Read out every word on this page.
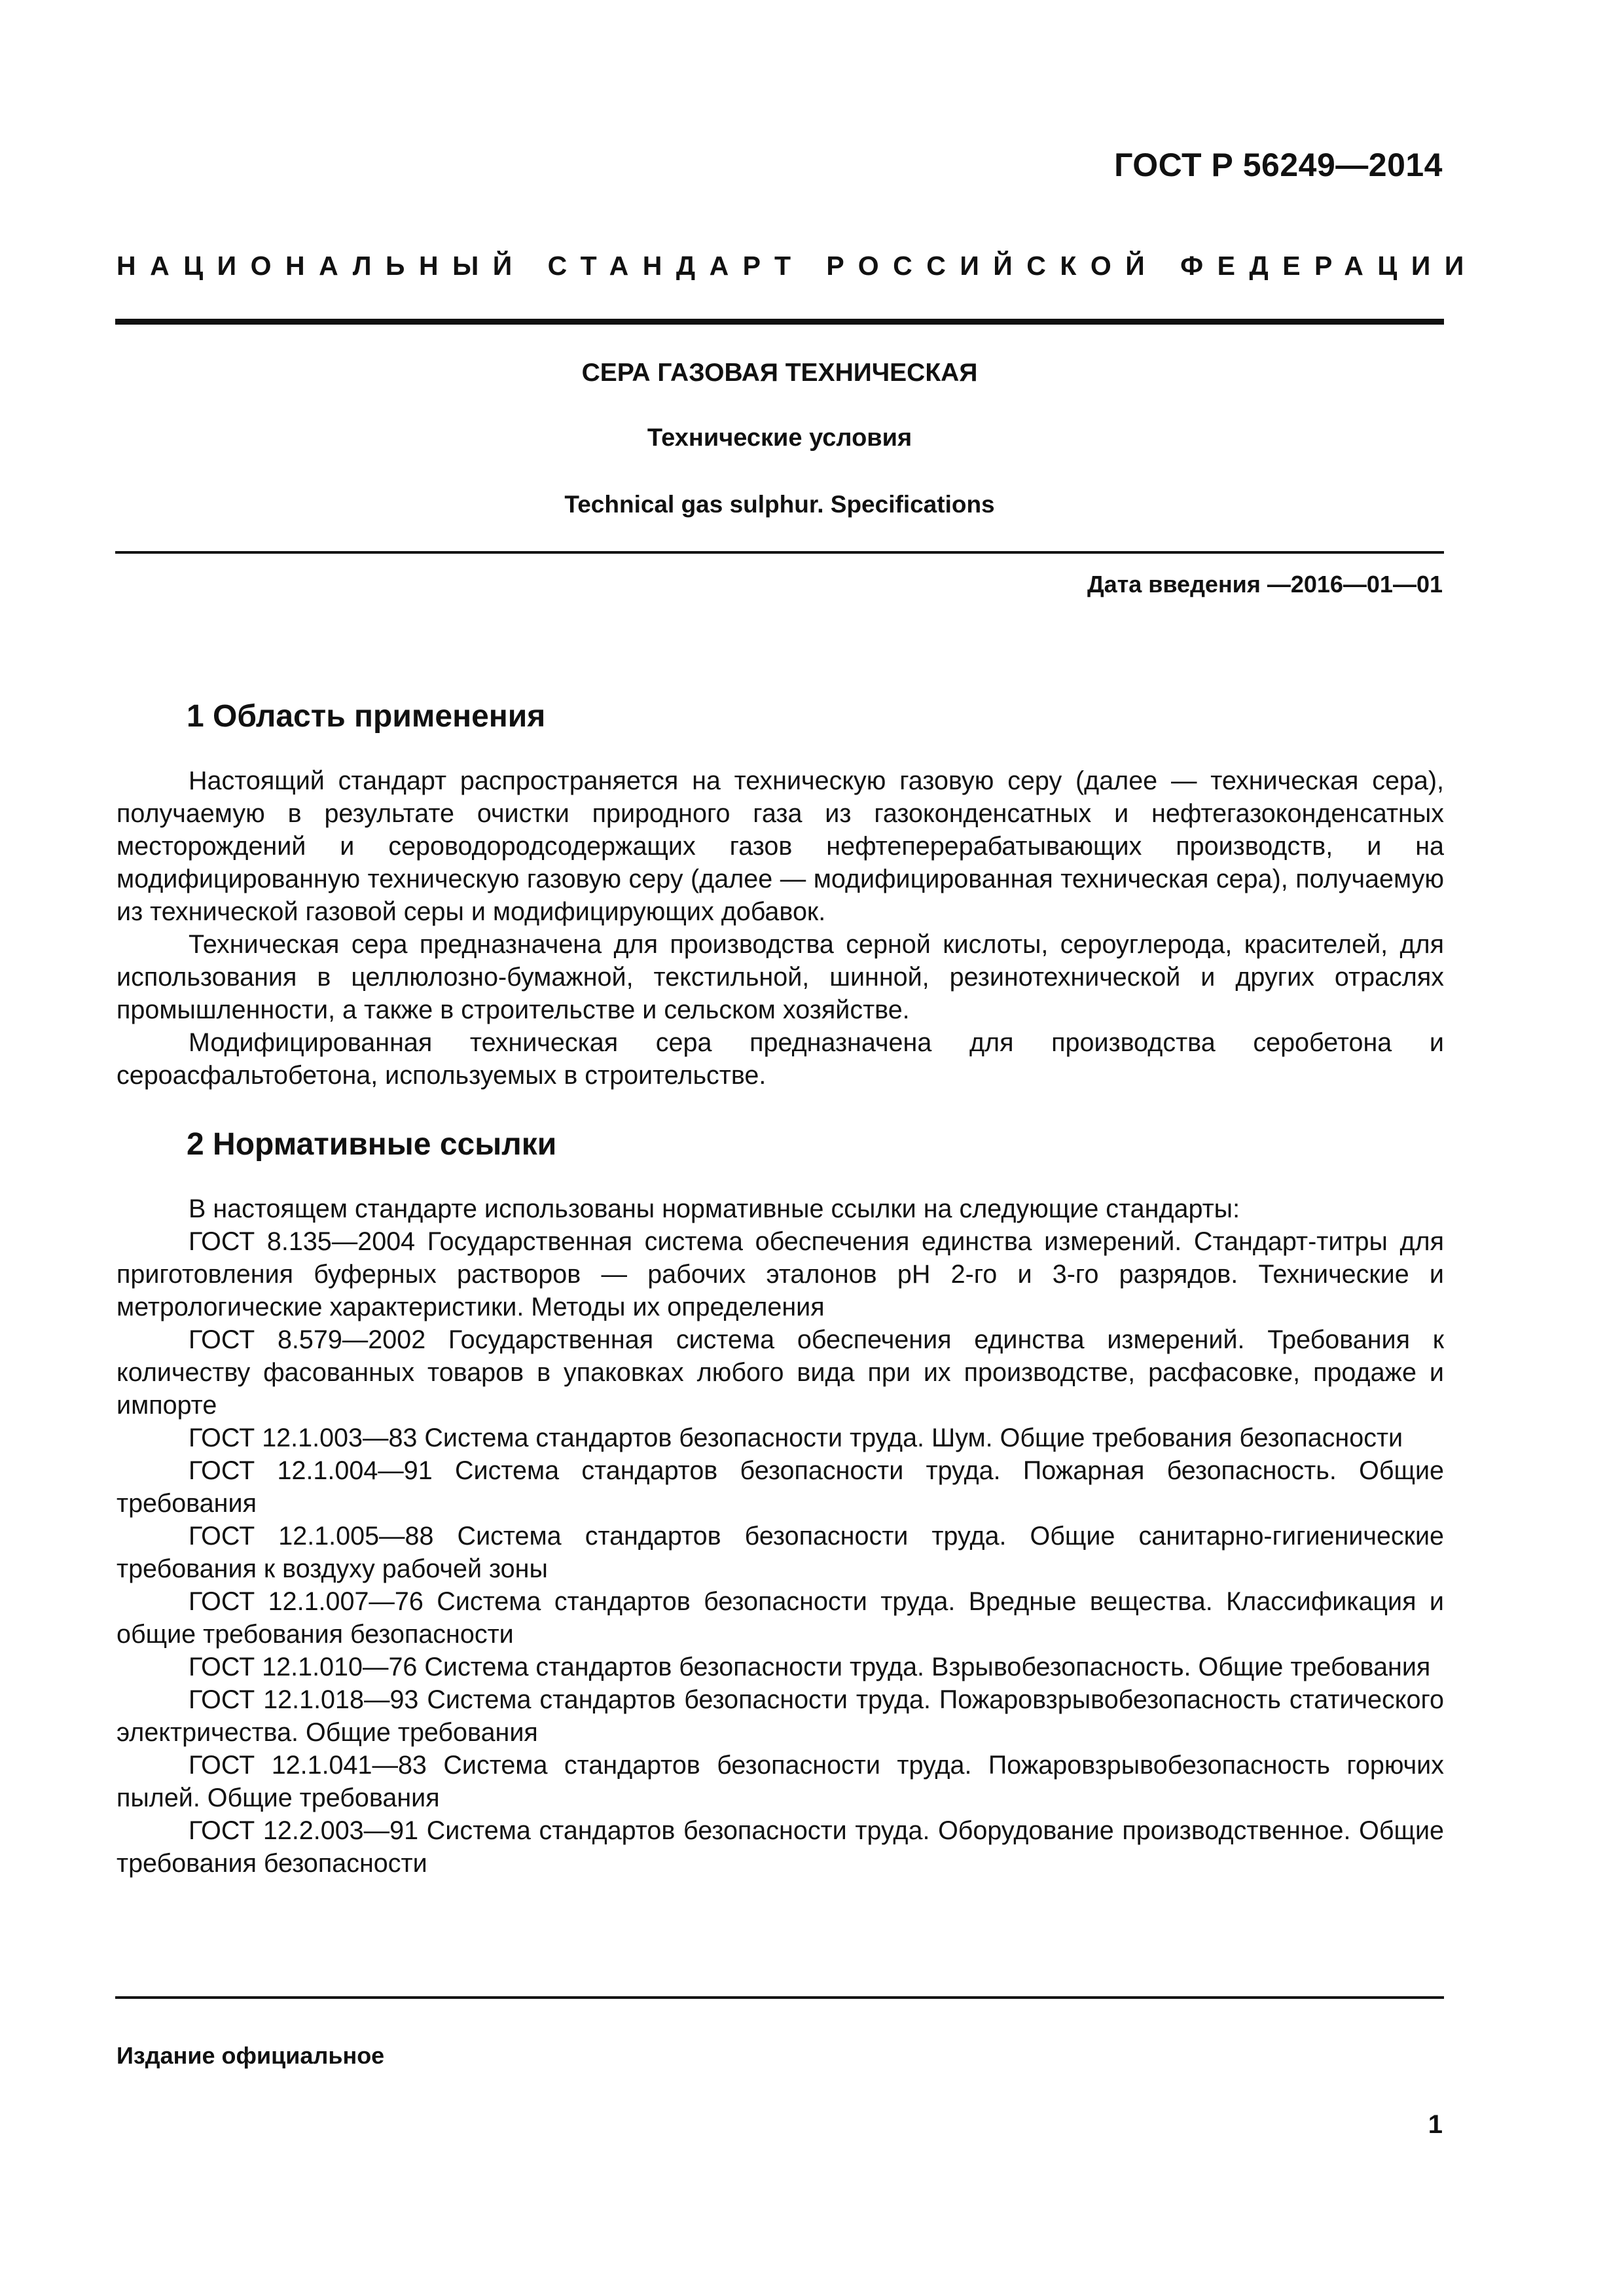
ГОСТ Р 56249—2014
НАЦИОНАЛЬНЫЙ СТАНДАРТ РОССИЙСКОЙ ФЕДЕРАЦИИ
СЕРА ГАЗОВАЯ ТЕХНИЧЕСКАЯ
Технические условия
Technical gas sulphur. Specifications
Дата введения —2016—01—01
1 Область применения

Настоящий стандарт распространяется на техническую газовую серу (далее — техническая сера), получаемую в результате очистки природного газа из газоконденсатных и нефтегазоконденсатных месторождений и сероводородсодержащих газов нефтеперерабатывающих производств, и на модифицированную техническую газовую серу (далее — модифицированная техническая сера), получаемую из технической газовой серы и модифицирующих добавок.

Техническая сера предназначена для производства серной кислоты, сероуглерода, красителей, для использования в целлюлозно-бумажной, текстильной, шинной, резинотехнической и других отраслях промышленности, а также в строительстве и сельском хозяйстве.

Модифицированная техническая сера предназначена для производства серобетона и сероасфальтобетона, используемых в строительстве.

2 Нормативные ссылки

В настоящем стандарте использованы нормативные ссылки на следующие стандарты:

ГОСТ 8.135—2004 Государственная система обеспечения единства измерений. Стандарт-титры для приготовления буферных растворов — рабочих эталонов pH 2-го и 3-го разрядов. Технические и метрологические характеристики. Методы их определения

ГОСТ 8.579—2002 Государственная система обеспечения единства измерений. Требования к количеству фасованных товаров в упаковках любого вида при их производстве, расфасовке, продаже и импорте

ГОСТ 12.1.003—83 Система стандартов безопасности труда. Шум. Общие требования безопасности

ГОСТ 12.1.004—91 Система стандартов безопасности труда. Пожарная безопасность. Общие требования

ГОСТ 12.1.005—88 Система стандартов безопасности труда. Общие санитарно-гигиенические требования к воздуху рабочей зоны

ГОСТ 12.1.007—76 Система стандартов безопасности труда. Вредные вещества. Классификация и общие требования безопасности

ГОСТ 12.1.010—76 Система стандартов безопасности труда. Взрывобезопасность. Общие требования

ГОСТ 12.1.018—93 Система стандартов безопасности труда. Пожаровзрывобезопасность статического электричества. Общие требования

ГОСТ 12.1.041—83 Система стандартов безопасности труда. Пожаровзрывобезопасность горючих пылей. Общие требования

ГОСТ 12.2.003—91 Система стандартов безопасности труда. Оборудование производственное. Общие требования безопасности

Издание официальное
1
